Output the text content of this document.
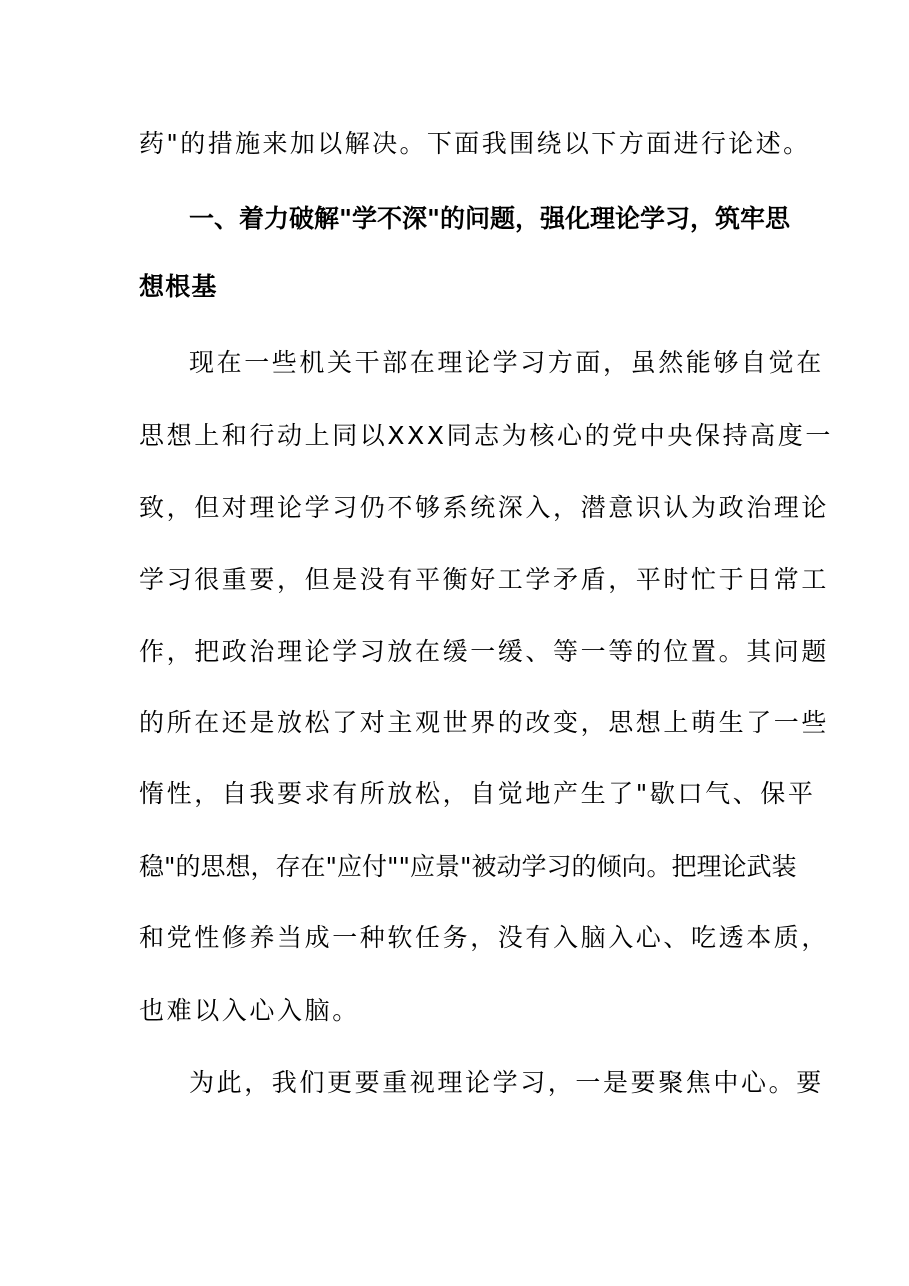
药"的措施来加以解决。下面我围绕以下方面进行论述。
一、着力破解"学不深"的问题，强化理论学习，筑牢思
想根基
现在一些机关干部在理论学习方面，虽然能够自觉在
思想上和行动上同以XXX同志为核心的党中央保持高度一
致，但对理论学习仍不够系统深入，潜意识认为政治理论
学习很重要，但是没有平衡好工学矛盾，平时忙于日常工
作，把政治理论学习放在缓一缓、等一等的位置。其问题
的所在还是放松了对主观世界的改变，思想上萌生了一些
惰性，自我要求有所放松，自觉地产生了"歇口气、保平
稳"的思想，存在"应付""应景"被动学习的倾向。把理论武装
和党性修养当成一种软任务，没有入脑入心、吃透本质，
也难以入心入脑。
为此，我们更要重视理论学习，一是要聚焦中心。要
